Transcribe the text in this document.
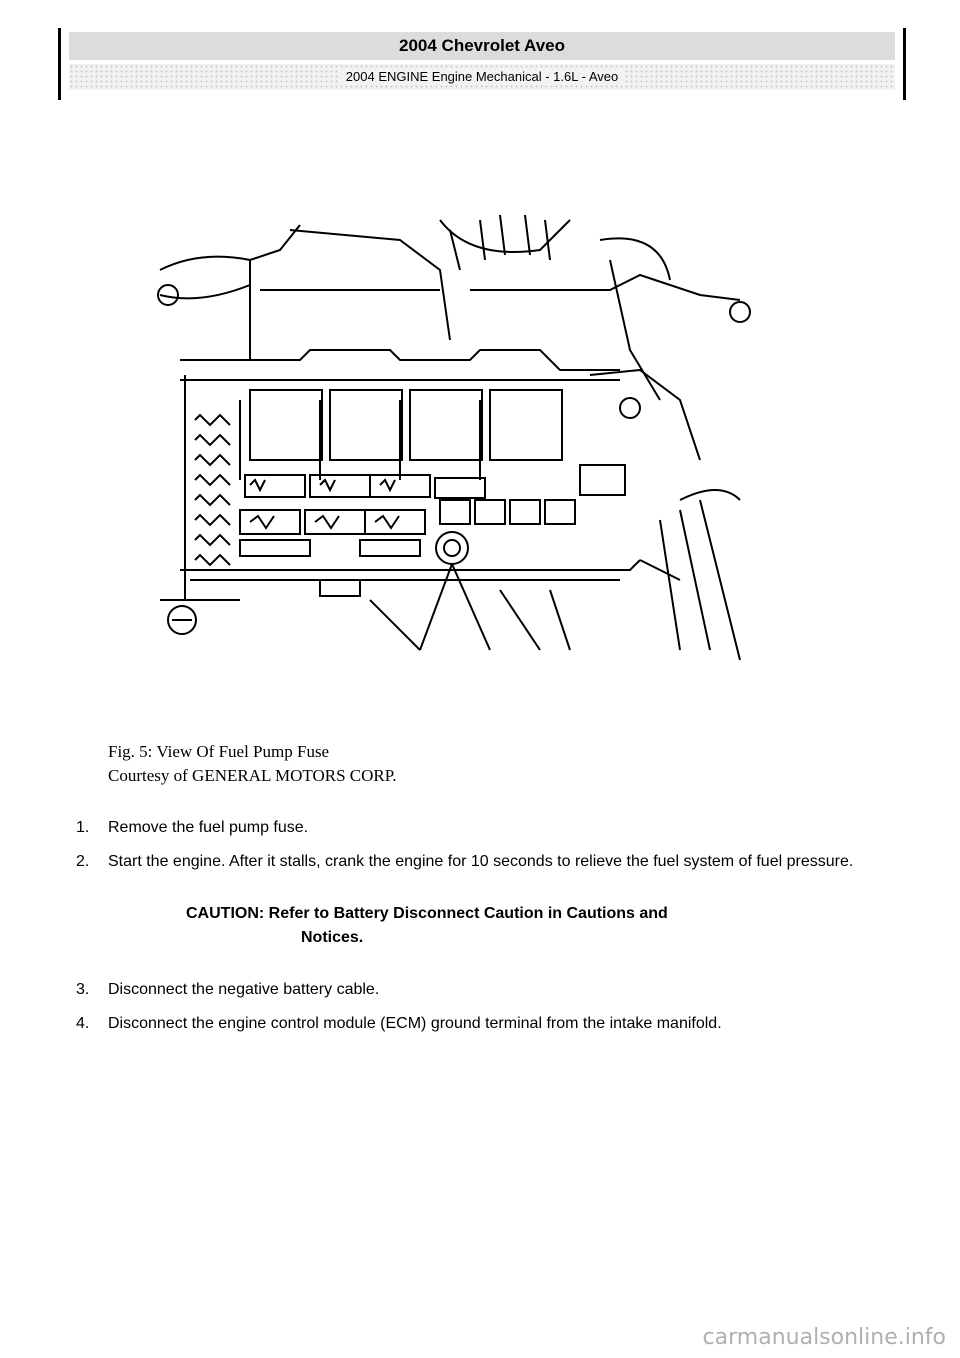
2004 Chevrolet Aveo
2004 ENGINE Engine Mechanical - 1.6L - Aveo
Fig. 5: View Of Fuel Pump Fuse
Courtesy of GENERAL MOTORS CORP.
1. Remove the fuel pump fuse.
2. Start the engine. After it stalls, crank the engine for 10 seconds to relieve the fuel system of fuel pressure.
CAUTION: Refer to Battery Disconnect Caution in Cautions and
Notices.
3. Disconnect the negative battery cable.
4. Disconnect the engine control module (ECM) ground terminal from the intake manifold.
carmanualsonline.info
